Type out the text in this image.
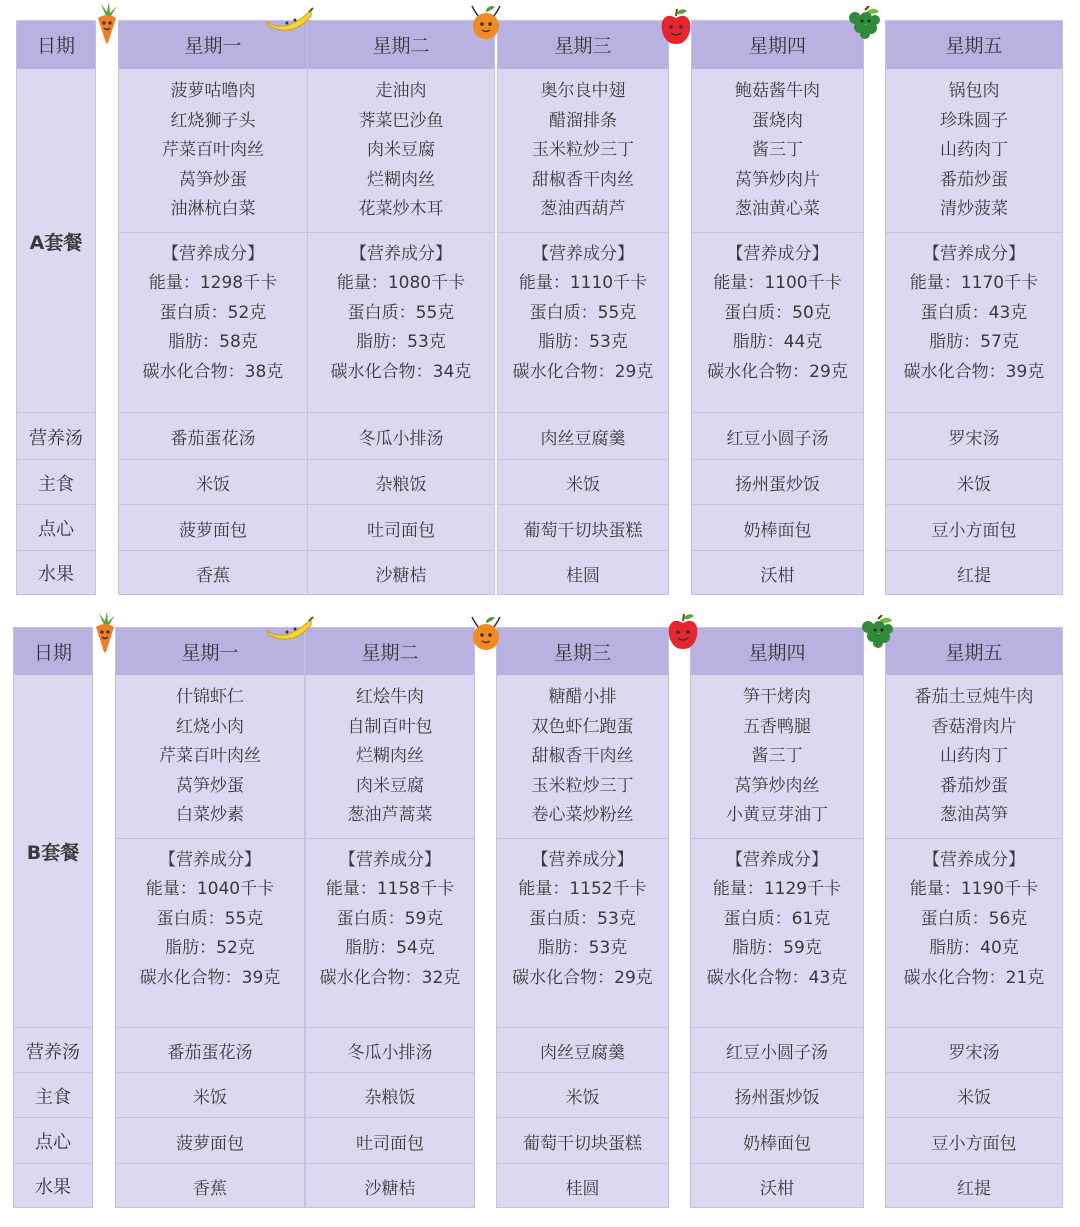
日期
A套餐
营养汤
主食
点心
水果
星期一
菠萝咕噜肉
红烧狮子头
芹菜百叶肉丝
莴笋炒蛋
油淋杭白菜
【营养成分】
能量：1298千卡
蛋白质：52克
脂肪：58克
碳水化合物：38克
番茄蛋花汤
米饭
菠萝面包
香蕉
星期二
走油肉
荠菜巴沙鱼
肉米豆腐
烂糊肉丝
花菜炒木耳
【营养成分】
能量：1080千卡
蛋白质：55克
脂肪：53克
碳水化合物：34克
冬瓜小排汤
杂粮饭
吐司面包
沙糖桔
星期三
奥尔良中翅
醋溜排条
玉米粒炒三丁
甜椒香干肉丝
葱油西葫芦
【营养成分】
能量：1110千卡
蛋白质：55克
脂肪：53克
碳水化合物：29克
肉丝豆腐羹
米饭
葡萄干切块蛋糕
桂圆
星期四
鲍菇酱牛肉
蛋烧肉
酱三丁
莴笋炒肉片
葱油黄心菜
【营养成分】
能量：1100千卡
蛋白质：50克
脂肪：44克
碳水化合物：29克
红豆小圆子汤
扬州蛋炒饭
奶棒面包
沃柑
星期五
锅包肉
珍珠圆子
山药肉丁
番茄炒蛋
清炒菠菜
【营养成分】
能量：1170千卡
蛋白质：43克
脂肪：57克
碳水化合物：39克
罗宋汤
米饭
豆小方面包
红提
日期
B套餐
营养汤
主食
点心
水果
星期一
什锦虾仁
红烧小肉
芹菜百叶肉丝
莴笋炒蛋
白菜炒素
【营养成分】
能量：1040千卡
蛋白质：55克
脂肪：52克
碳水化合物：39克
番茄蛋花汤
米饭
菠萝面包
香蕉
星期二
红烩牛肉
自制百叶包
烂糊肉丝
肉米豆腐
葱油芦蒿菜
【营养成分】
能量：1158千卡
蛋白质：59克
脂肪：54克
碳水化合物：32克
冬瓜小排汤
杂粮饭
吐司面包
沙糖桔
星期三
糖醋小排
双色虾仁跑蛋
甜椒香干肉丝
玉米粒炒三丁
卷心菜炒粉丝
【营养成分】
能量：1152千卡
蛋白质：53克
脂肪：53克
碳水化合物：29克
肉丝豆腐羹
米饭
葡萄干切块蛋糕
桂圆
星期四
笋干烤肉
五香鸭腿
酱三丁
莴笋炒肉丝
小黄豆芽油丁
【营养成分】
能量：1129千卡
蛋白质：61克
脂肪：59克
碳水化合物：43克
红豆小圆子汤
扬州蛋炒饭
奶棒面包
沃柑
星期五
番茄土豆炖牛肉
香菇滑肉片
山药肉丁
番茄炒蛋
葱油莴笋
【营养成分】
能量：1190千卡
蛋白质：56克
脂肪：40克
碳水化合物：21克
罗宋汤
米饭
豆小方面包
红提
